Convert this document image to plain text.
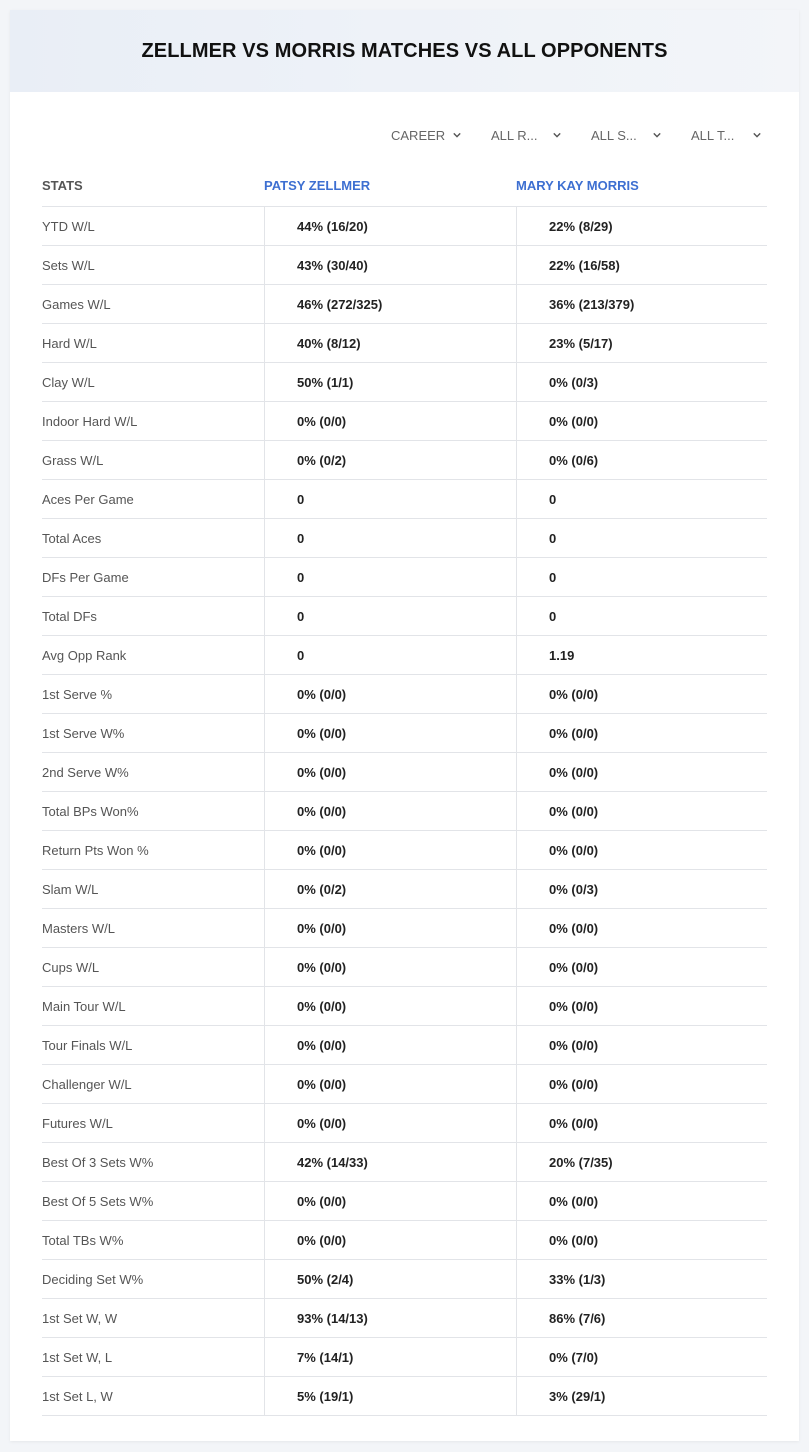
ZELLMER VS MORRIS MATCHES VS ALL OPPONENTS
CAREER	ALL R...	ALL S...	ALL T...
STATS	PATSY ZELLMER	MARY KAY MORRIS
YTD W/L	44% (16/20)	22% (8/29)
Sets W/L	43% (30/40)	22% (16/58)
Games W/L	46% (272/325)	36% (213/379)
Hard W/L	40% (8/12)	23% (5/17)
Clay W/L	50% (1/1)	0% (0/3)
Indoor Hard W/L	0% (0/0)	0% (0/0)
Grass W/L	0% (0/2)	0% (0/6)
Aces Per Game	0	0
Total Aces	0	0
DFs Per Game	0	0
Total DFs	0	0
Avg Opp Rank	0	1.19
1st Serve %	0% (0/0)	0% (0/0)
1st Serve W%	0% (0/0)	0% (0/0)
2nd Serve W%	0% (0/0)	0% (0/0)
Total BPs Won%	0% (0/0)	0% (0/0)
Return Pts Won %	0% (0/0)	0% (0/0)
Slam W/L	0% (0/2)	0% (0/3)
Masters W/L	0% (0/0)	0% (0/0)
Cups W/L	0% (0/0)	0% (0/0)
Main Tour W/L	0% (0/0)	0% (0/0)
Tour Finals W/L	0% (0/0)	0% (0/0)
Challenger W/L	0% (0/0)	0% (0/0)
Futures W/L	0% (0/0)	0% (0/0)
Best Of 3 Sets W%	42% (14/33)	20% (7/35)
Best Of 5 Sets W%	0% (0/0)	0% (0/0)
Total TBs W%	0% (0/0)	0% (0/0)
Deciding Set W%	50% (2/4)	33% (1/3)
1st Set W, W	93% (14/13)	86% (7/6)
1st Set W, L	7% (14/1)	0% (7/0)
1st Set L, W	5% (19/1)	3% (29/1)
